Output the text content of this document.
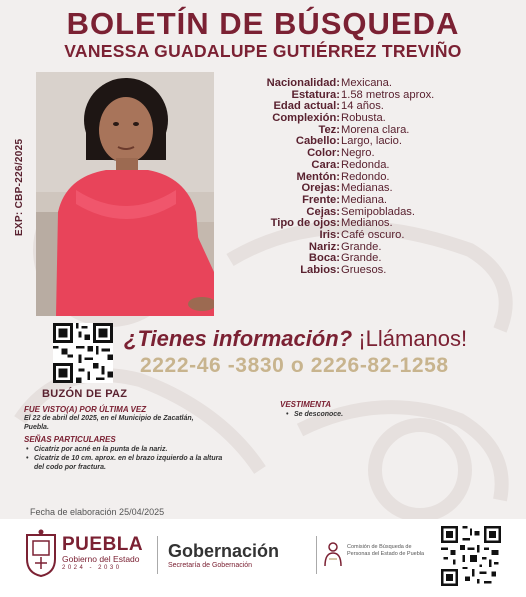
BOLETÍN DE BÚSQUEDA
VANESSA GUADALUPE GUTIÉRREZ TREVIÑO
EXP: CBP-226/2025
Nacionalidad: Mexicana.
Estatura: 1.58 metros aprox.
Edad actual: 14 años.
Complexión: Robusta.
Tez: Morena clara.
Cabello: Largo, lacio.
Color: Negro.
Cara: Redonda.
Mentón: Redondo.
Orejas: Medianas.
Frente: Mediana.
Cejas: Semipobladas.
Tipo de ojos: Medianos.
Iris: Café oscuro.
Nariz: Grande.
Boca: Grande.
Labios: Gruesos.
BUZÓN DE PAZ
¿Tienes información? ¡Llámanos!
2222-46 -3830 o 2226-82-1258
FUE VISTO(A) POR ÚLTIMA VEZ
El 22 de abril del 2025, en el Municipio de Zacatlán,
Puebla.
SEÑAS PARTICULARES
• Cicatriz por acné en la punta de la nariz.
• Cicatriz de 10 cm. aprox. en el brazo izquierdo a la altura
del codo por fractura.
VESTIMENTA
• Se desconoce.
Fecha de elaboración 25/04/2025
PUEBLA
Gobierno del Estado
2024 - 2030
Gobernación
Secretaría de Gobernación
Comisión de Búsqueda de Personas del Estado de Puebla
